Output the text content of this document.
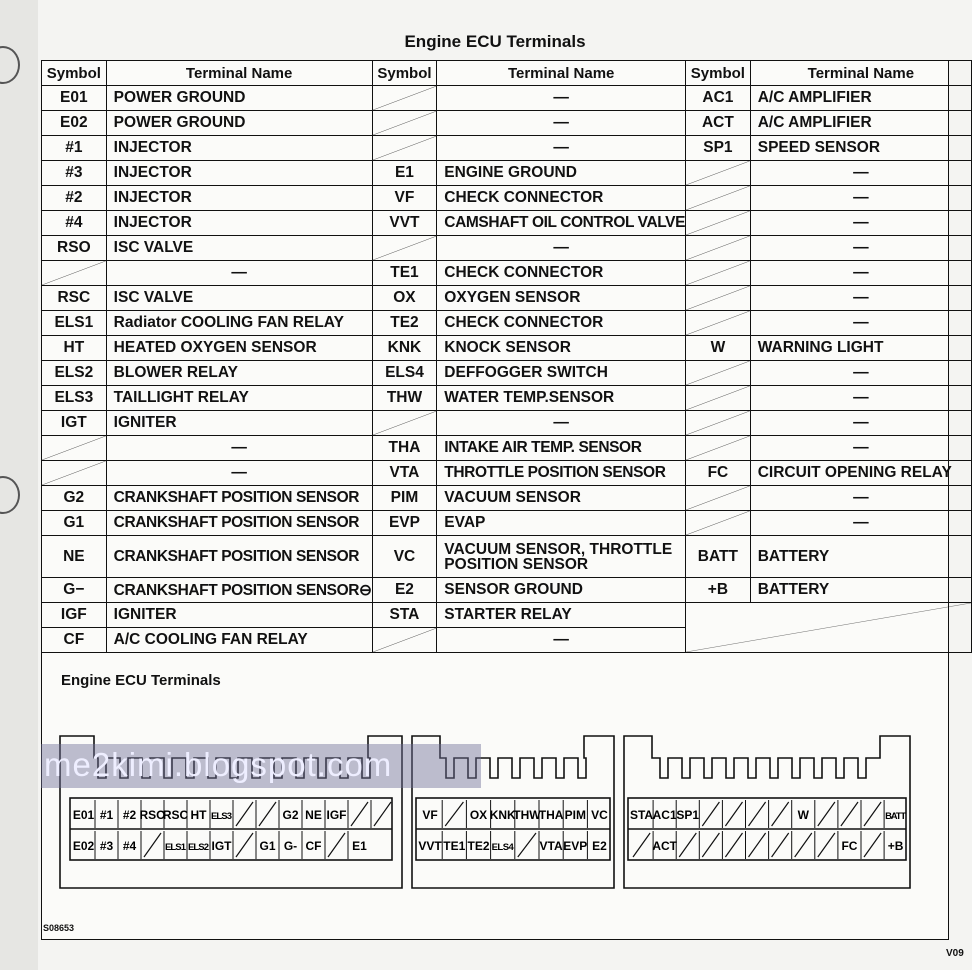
Engine ECU Terminals
Symbol	Terminal Name	Symbol	Terminal Name	Symbol	Terminal Name
E01	POWER GROUND		—	AC1	A/C AMPLIFIER
E02	POWER GROUND		—	ACT	A/C AMPLIFIER
#1	INJECTOR		—	SP1	SPEED SENSOR
#3	INJECTOR	E1	ENGINE GROUND		—
#2	INJECTOR	VF	CHECK CONNECTOR		—
#4	INJECTOR	VVT	CAMSHAFT OIL CONTROL VALVE		—
RSO	ISC VALVE		—		—

	—	TE1	CHECK CONNECTOR		—
RSC	ISC VALVE	OX	OXYGEN SENSOR		—
ELS1	Radiator COOLING FAN RELAY	TE2	CHECK CONNECTOR		—
HT	HEATED OXYGEN SENSOR	KNK	KNOCK SENSOR	W	WARNING LIGHT
ELS2	BLOWER RELAY	ELS4	DEFFOGGER SWITCH		—
ELS3	TAILLIGHT RELAY	THW	WATER TEMP.SENSOR		—
IGT	IGNITER		—		—

	—	THA	INTAKE AIR TEMP. SENSOR		—

	—	VTA	THROTTLE POSITION SENSOR	FC	CIRCUIT OPENING RELAY
G2	CRANKSHAFT POSITION SENSOR	PIM	VACUUM SENSOR		—
G1	CRANKSHAFT POSITION SENSOR	EVP	EVAP		—
NE	CRANKSHAFT POSITION SENSOR	VC	VACUUM SENSOR, THROTTLE POSITION SENSOR	BATT	BATTERY
G−	CRANKSHAFT POSITION SENSOR⊖	E2	SENSOR GROUND	+B	BATTERY
IGF	IGNITER	STA	STARTER RELAY	

CF	A/C COOLING FAN RELAY		—		
Engine ECU Terminals
E01 #1 #2 RSO
RSC HT ELS3	G2 NE IGF
E02 #3 #4	ELS1 ELS2 IGT G1 G- CF	E1
VF	OX KNK
THW
THA PIM VC
VVT TE1 TE2 ELS4 VTA EVP E2
STA AC1 SP1	W	BATT
ACT	FC	+B
me2kimi.blogspot.com
S08653
V09
